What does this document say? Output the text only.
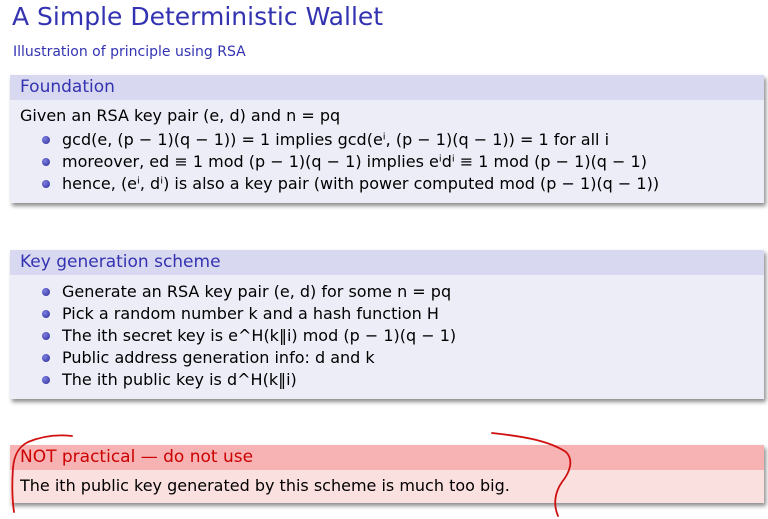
A Simple Deterministic Wallet
Illustration of principle using RSA
Foundation
Given an RSA key pair (e, d) and n = pq
gcd(e, (p − 1)(q − 1)) = 1 implies gcd(eⁱ, (p − 1)(q − 1)) = 1 for all i
moreover, ed ≡ 1 mod (p − 1)(q − 1) implies eⁱdⁱ ≡ 1 mod (p − 1)(q − 1)
hence, (eⁱ, dⁱ) is also a key pair (with power computed mod (p − 1)(q − 1))
Key generation scheme
Generate an RSA key pair (e, d) for some n = pq
Pick a random number k and a hash function H
The ith secret key is e^H(k‖i) mod (p − 1)(q − 1)
Public address generation info: d and k
The ith public key is d^H(k‖i)
NOT practical — do not use
The ith public key generated by this scheme is much too big.
